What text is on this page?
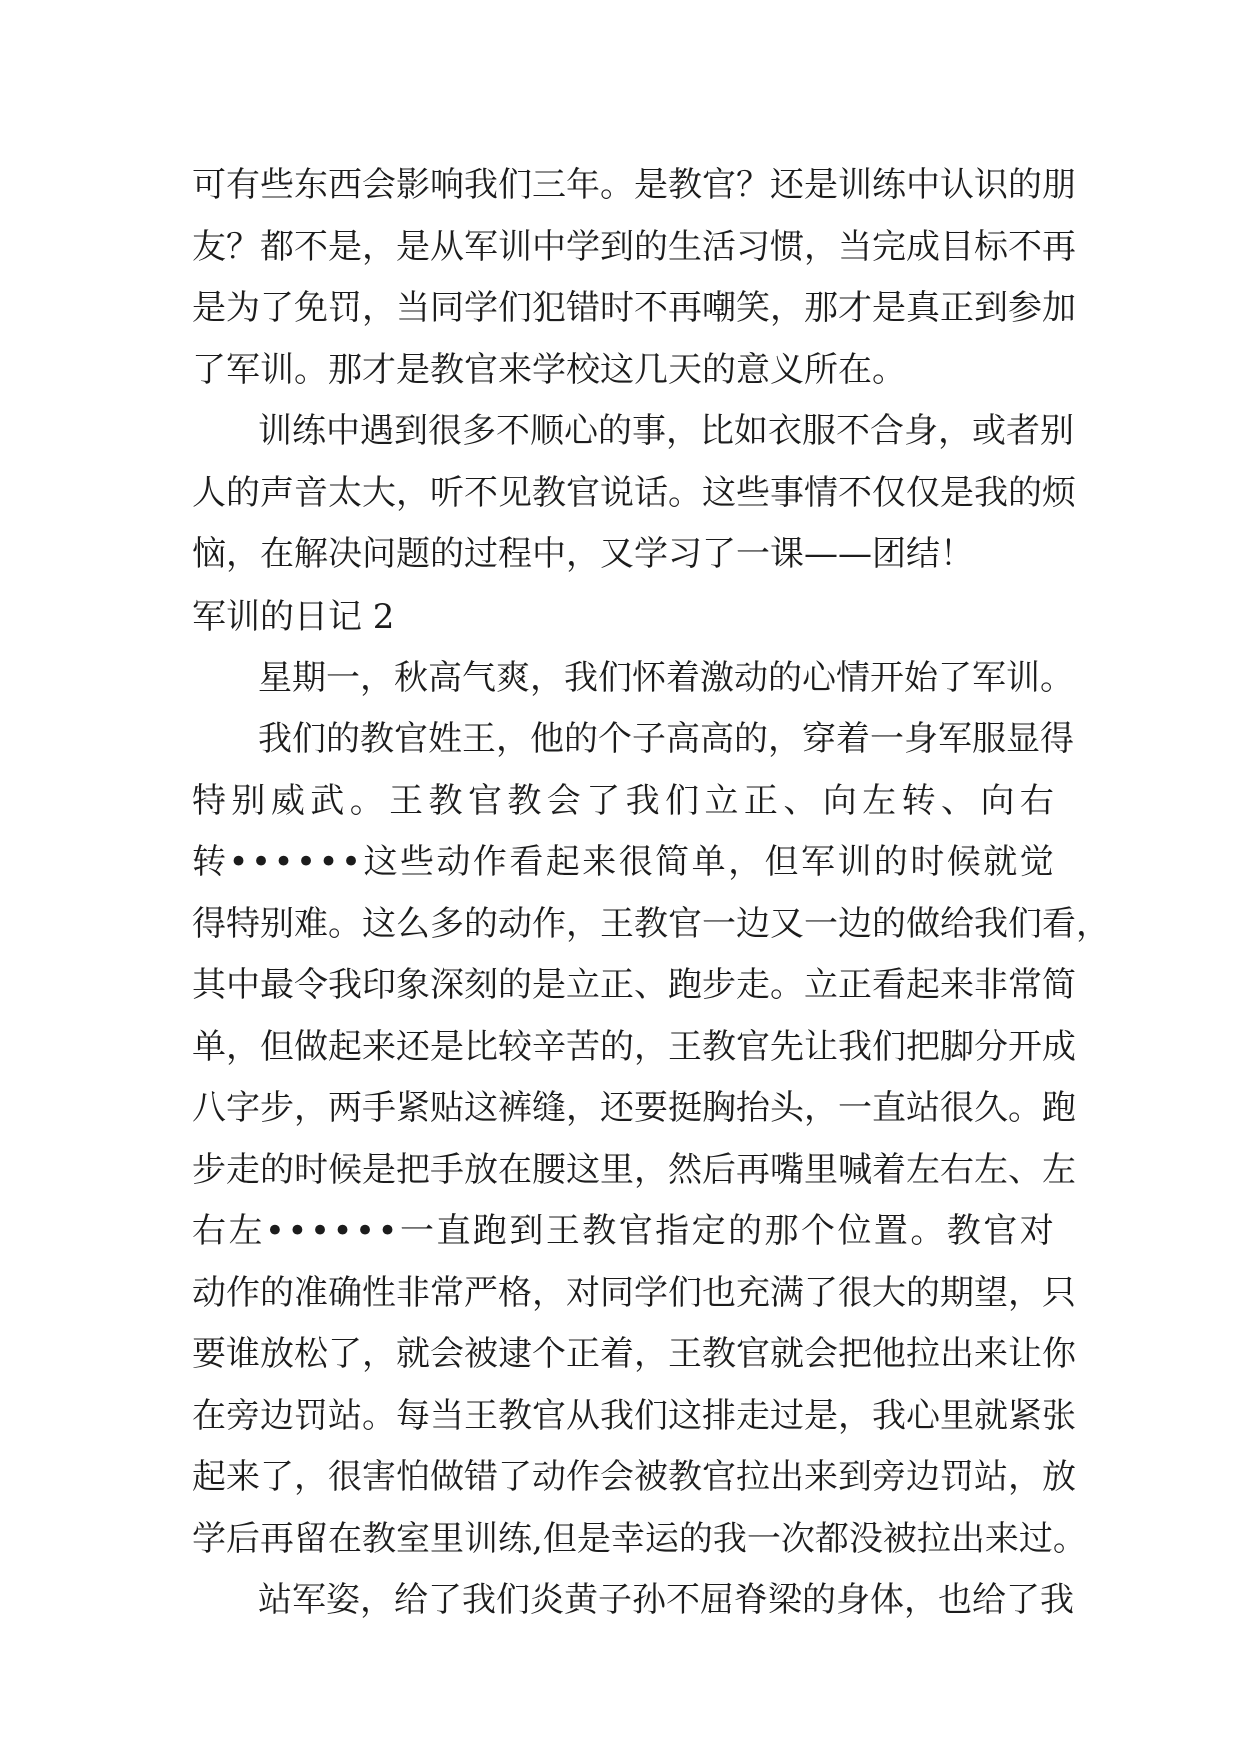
可 有 些 东 西 会 影 响 我 们 三 年 。 是 教 官 ？ 还 是 训 练 中 认 识 的 朋
友 ？ 都 不 是 ， 是 从 军 训 中 学 到 的 生 活 习 惯 ， 当 完 成 目 标 不 再
是 为 了 免 罚 ， 当 同 学 们 犯 错 时 不 再 嘲 笑 ， 那 才 是 真 正 到 参 加
了军训。那才是教官来学校这几天的意义所在。
训 练 中 遇 到 很 多 不 顺 心 的 事 ， 比 如 衣 服 不 合 身 ， 或 者 别
人 的 声 音 太 大 ， 听 不 见 教 官 说 话 。 这 些 事 情 不 仅 仅 是 我 的 烦
恼，在解决问题的过程中，又学习了一课——团结！
军训的日记 2
星 期 一 ， 秋 高 气 爽 ， 我 们 怀 着 激 动 的 心 情 开 始 了 军 训 。
我 们 的 教 官 姓 王 ， 他 的 个 子 高 高 的 ， 穿 着 一 身 军 服 显 得
特 别 威 武 。 王 教 官 教 会 了 我 们 立 正 、 向 左 转 、 向 右
转 • • • • • • 这 些 动 作 看 起 来 很 简 单 ， 但 军 训 的 时 候 就 觉
得 特 别 难 。 这 么 多 的 动 作 ， 王 教 官 一 边 又 一 边 的 做 给 我 们 看 ，
其 中 最 令 我 印 象 深 刻 的 是 立 正 、 跑 步 走 。 立 正 看 起 来 非 常 简
单 ， 但 做 起 来 还 是 比 较 辛 苦 的 ， 王 教 官 先 让 我 们 把 脚 分 开 成
八 字 步 ， 两 手 紧 贴 这 裤 缝 ， 还 要 挺 胸 抬 头 ， 一 直 站 很 久 。 跑
步 走 的 时 候 是 把 手 放 在 腰 这 里 ， 然 后 再 嘴 里 喊 着 左 右 左 、 左
右 左 • • • • • • 一 直 跑 到 王 教 官 指 定 的 那 个 位 置 。 教 官 对
动 作 的 准 确 性 非 常 严 格 ， 对 同 学 们 也 充 满 了 很 大 的 期 望 ， 只
要 谁 放 松 了 ， 就 会 被 逮 个 正 着 ， 王 教 官 就 会 把 他 拉 出 来 让 你
在 旁 边 罚 站 。 每 当 王 教 官 从 我 们 这 排 走 过 是 ， 我 心 里 就 紧 张
起 来 了 ， 很 害 怕 做 错 了 动 作 会 被 教 官 拉 出 来 到 旁 边 罚 站 ， 放
学 后 再 留 在 教 室 里 训 练 , 但 是 幸 运 的 我 一 次 都 没 被 拉 出 来 过 。
站 军 姿 ， 给 了 我 们 炎 黄 子 孙 不 屈 脊 梁 的 身 体 ， 也 给 了 我
